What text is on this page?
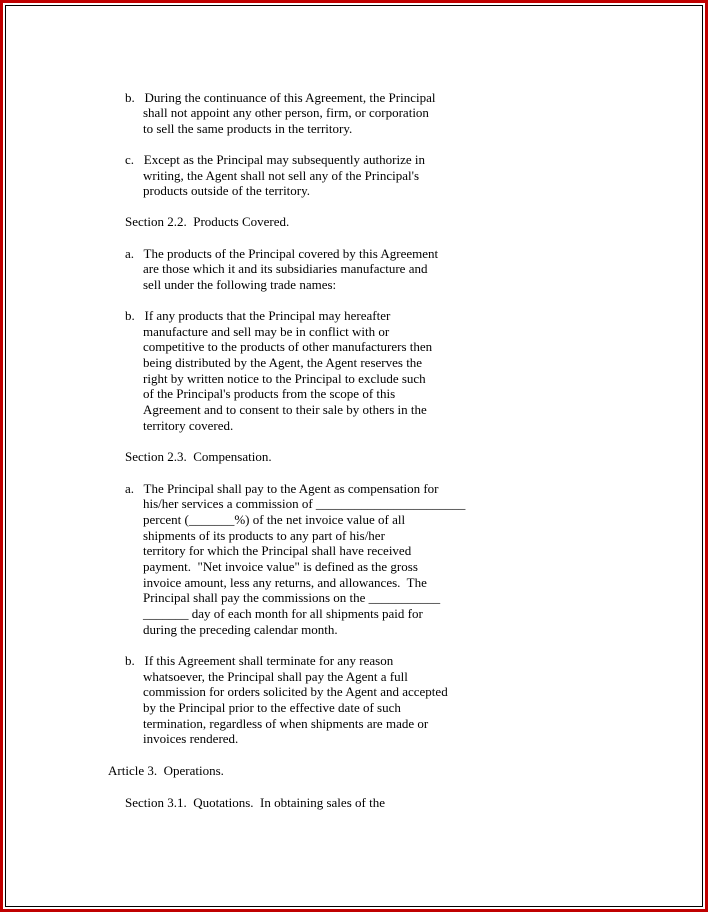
b.   During the continuance of this Agreement, the Principal

shall not appoint any other person, firm, or corporation

to sell the same products in the territory.

c.   Except as the Principal may subsequently authorize in

writing, the Agent shall not sell any of the Principal's

products outside of the territory.

Section 2.2.  Products Covered.

a.   The products of the Principal covered by this Agreement

are those which it and its subsidiaries manufacture and

sell under the following trade names:

b.   If any products that the Principal may hereafter

manufacture and sell may be in conflict with or

competitive to the products of other manufacturers then

being distributed by the Agent, the Agent reserves the

right by written notice to the Principal to exclude such

of the Principal's products from the scope of this

Agreement and to consent to their sale by others in the

territory covered.

Section 2.3.  Compensation.

a.   The Principal shall pay to the Agent as compensation for

his/her services a commission of _______________________

percent (_______%) of the net invoice value of all

shipments of its products to any part of his/her

territory for which the Principal shall have received

payment.  "Net invoice value" is defined as the gross

invoice amount, less any returns, and allowances.  The

Principal shall pay the commissions on the ___________

_______ day of each month for all shipments paid for

during the preceding calendar month.

b.   If this Agreement shall terminate for any reason

whatsoever, the Principal shall pay the Agent a full

commission for orders solicited by the Agent and accepted

by the Principal prior to the effective date of such

termination, regardless of when shipments are made or

invoices rendered.

Article 3.  Operations.

Section 3.1.  Quotations.  In obtaining sales of the
